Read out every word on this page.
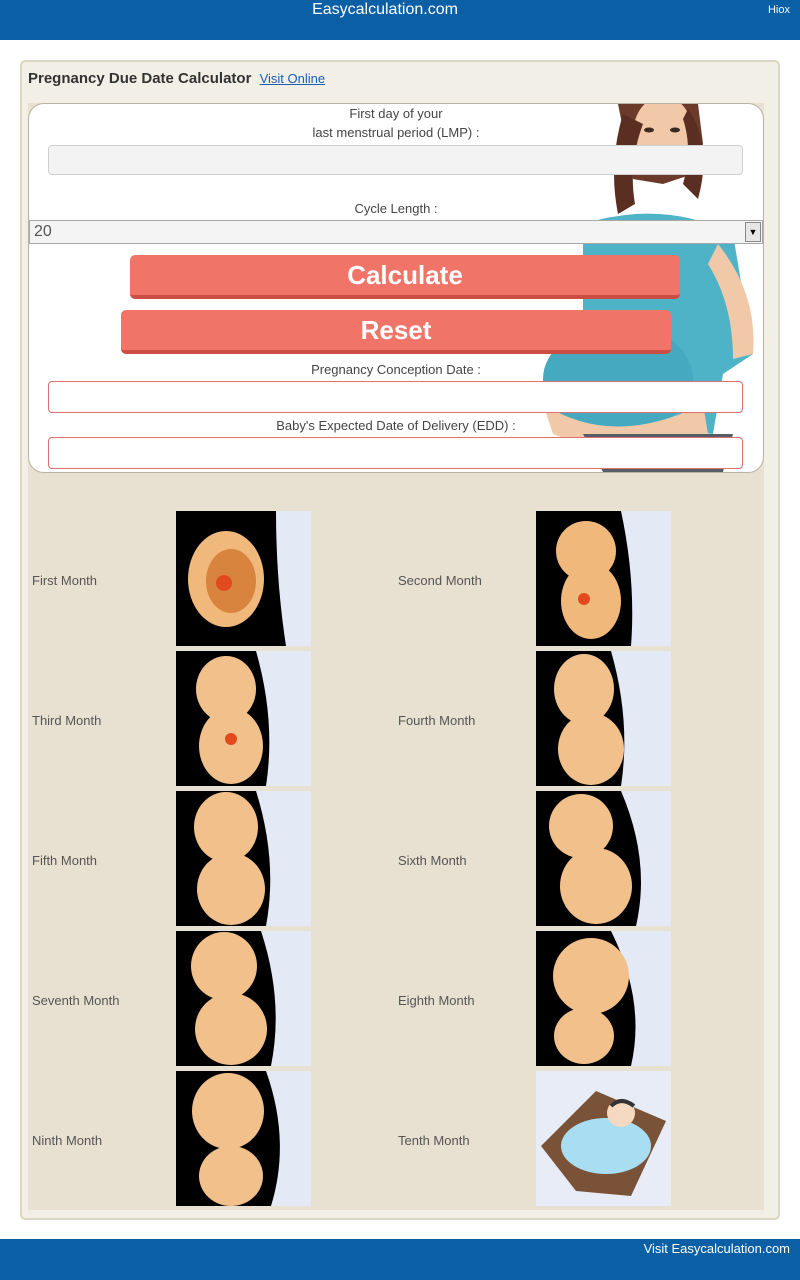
Easycalculation.com	Hiox
Pregnancy Due Date Calculator Visit Online
First day of your
last menstrual period (LMP) :
Cycle Length :
20	▼
Calculate
Reset
Pregnancy Conception Date :
Baby's Expected Date of Delivery (EDD) :
First Month	Second Month
Third Month	Fourth Month
Fifth Month	Sixth Month
Seventh Month	Eighth Month
Ninth Month	Tenth Month
Visit Easycalculation.com
